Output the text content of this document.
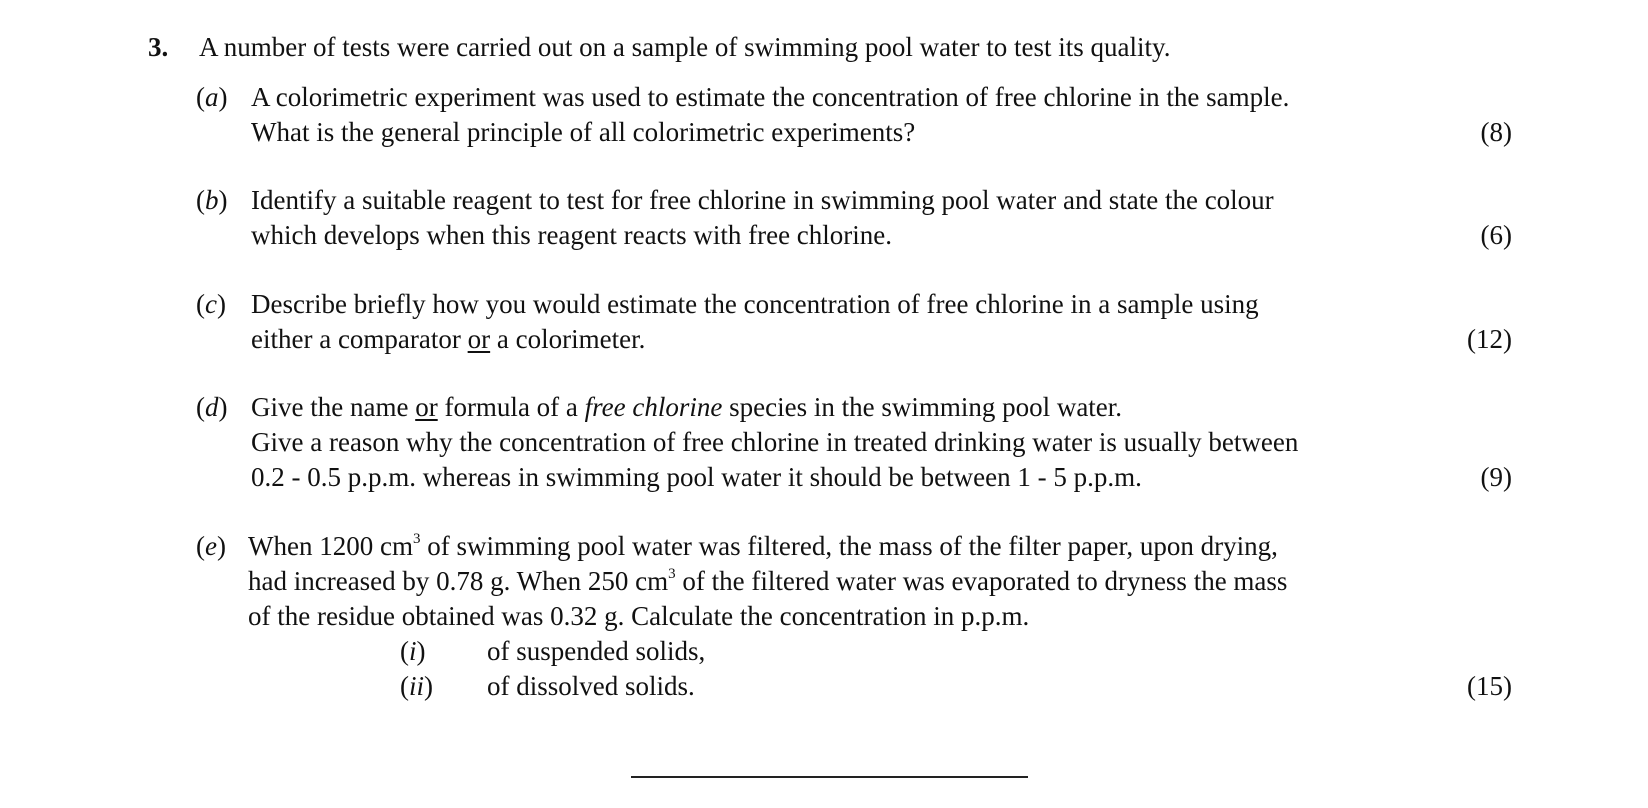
3. A number of tests were carried out on a sample of swimming pool water to test its quality.
(a) A colorimetric experiment was used to estimate the concentration of free chlorine in the sample.
What is the general principle of all colorimetric experiments?	(8)
(b) Identify a suitable reagent to test for free chlorine in swimming pool water and state the colour
which develops when this reagent reacts with free chlorine.	(6)
(c) Describe briefly how you would estimate the concentration of free chlorine in a sample using
either a comparator or a colorimeter.	(12)
(d) Give the name or formula of a free chlorine species in the swimming pool water.
Give a reason why the concentration of free chlorine in treated drinking water is usually between
0.2 - 0.5 p.p.m. whereas in swimming pool water it should be between 1 - 5 p.p.m.	(9)
(e) When 1200 $cm^3$ of swimming pool water was filtered, the mass of the filter paper, upon drying,
had increased by 0.78 g. When 250 $cm^3$ of the filtered water was evaporated to dryness the mass
of the residue obtained was 0.32 g. Calculate the concentration in p.p.m.
(i) of suspended solids,
(ii) of dissolved solids.	(15)
